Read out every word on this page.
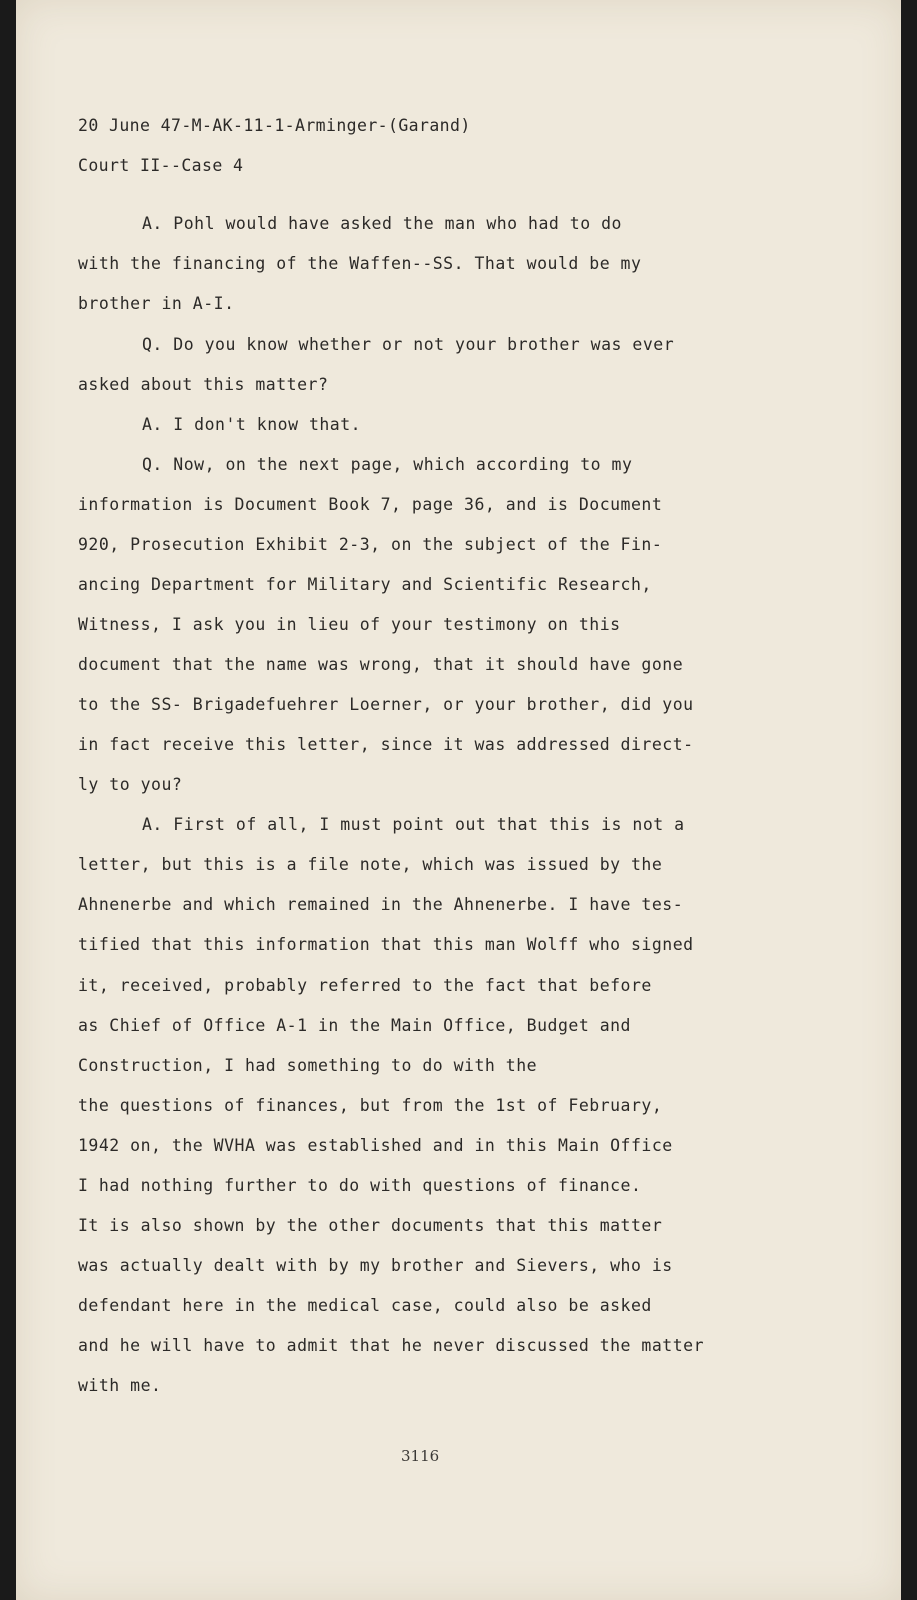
20 June 47-M-AK-11-1-Arminger-(Garand)
Court II--Case 4
A. Pohl would have asked the man who had to do
with the financing of the Waffen--SS. That would be my
brother in A-I.
Q. Do you know whether or not your brother was ever
asked about this matter?
A. I don't know that.
Q. Now, on the next page, which according to my
information is Document Book 7, page 36, and is Document
920, Prosecution Exhibit 2-3, on the subject of the Fin-
ancing Department for Military and Scientific Research,
Witness, I ask you in lieu of your testimony on this
document that the name was wrong, that it should have gone
to the SS- Brigadefuehrer Loerner, or your brother, did you
in fact receive this letter, since it was addressed direct-
ly to you?
A. First of all, I must point out that this is not a
letter, but this is a file note, which was issued by the
Ahnenerbe and which remained in the Ahnenerbe. I have tes-
tified that this information that this man Wolff who signed
it, received, probably referred to the fact that before
as Chief of Office A-1 in the Main Office, Budget and
Construction, I had something to do with the
the questions of finances, but from the 1st of February,
1942 on, the WVHA was established and in this Main Office
I had nothing further to do with questions of finance.
It is also shown by the other documents that this matter
was actually dealt with by my brother and Sievers, who is
defendant here in the medical case, could also be asked
and he will have to admit that he never discussed the matter
with me.
3116
